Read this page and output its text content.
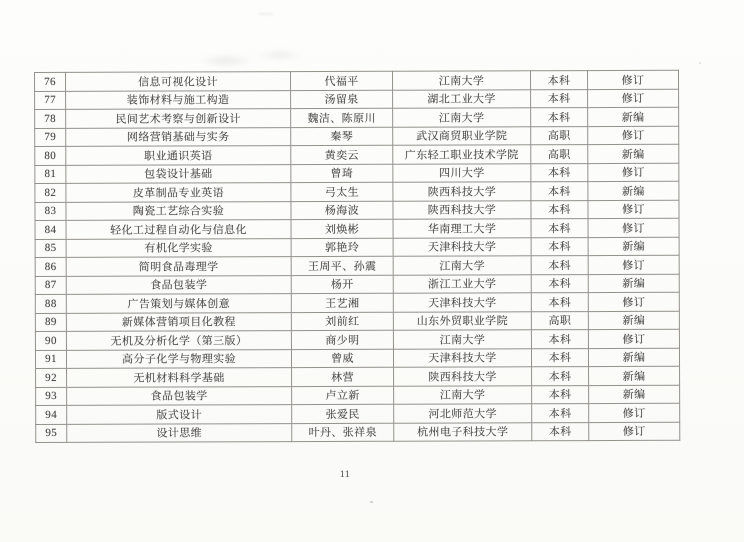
76	信息可视化设计	代福平	江南大学	本科	修订
77	装饰材料与施工构造	汤留泉	湖北工业大学	本科	修订
78	民间艺术考察与创新设计	魏洁、陈原川	江南大学	本科	新编
79	网络营销基础与实务	秦琴	武汉商贸职业学院	高职	修订
80	职业通识英语	黄奕云	广东轻工职业技术学院	高职	新编
81	包袋设计基础	曾琦	四川大学	本科	修订
82	皮革制品专业英语	弓太生	陕西科技大学	本科	新编
83	陶瓷工艺综合实验	杨海波	陕西科技大学	本科	修订
84	轻化工过程自动化与信息化	刘焕彬	华南理工大学	本科	修订
85	有机化学实验	郭艳玲	天津科技大学	本科	新编
86	简明食品毒理学	王周平、孙震	江南大学	本科	修订
87	食品包装学	杨开	浙江工业大学	本科	新编
88	广告策划与媒体创意	王艺湘	天津科技大学	本科	修订
89	新媒体营销项目化教程	刘前红	山东外贸职业学院	高职	新编
90	无机及分析化学（第三版）	商少明	江南大学	本科	修订
91	高分子化学与物理实验	曾威	天津科技大学	本科	新编
92	无机材料科学基础	林营	陕西科技大学	本科	新编
93	食品包装学	卢立新	江南大学	本科	新编
94	版式设计	张爱民	河北师范大学	本科	修订
95	设计思维	叶丹、张祥泉	杭州电子科技大学	本科	修订
11
